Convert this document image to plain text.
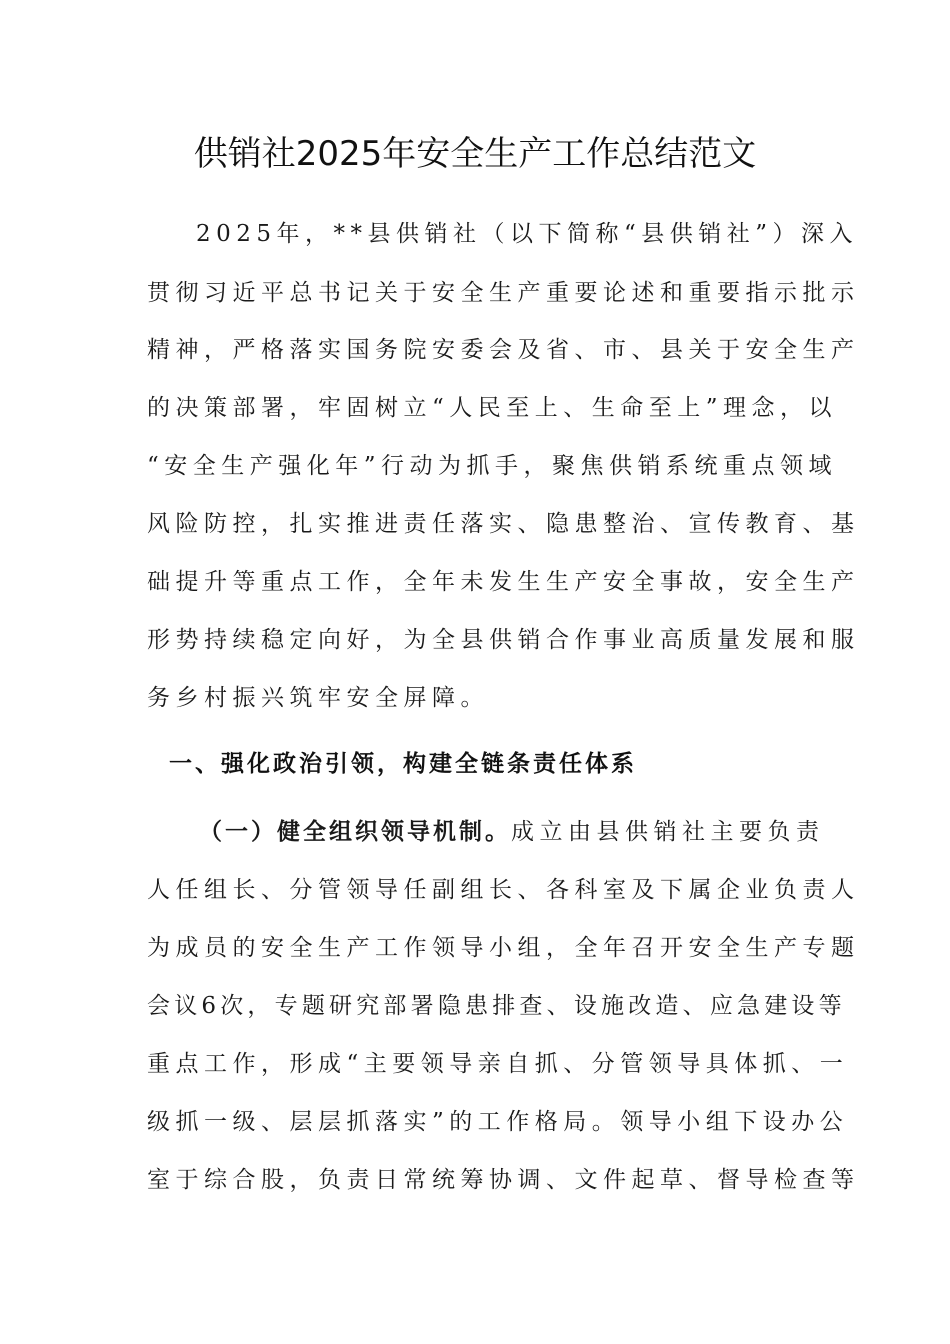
供销社2025年安全生产工作总结范文
2025年，**县供销社（以下简称“县供销社”）深入
贯彻习近平总书记关于安全生产重要论述和重要指示批示
精神，严格落实国务院安委会及省、市、县关于安全生产
的决策部署，牢固树立“人民至上、生命至上”理念，以
“安全生产强化年”行动为抓手，聚焦供销系统重点领域
风险防控，扎实推进责任落实、隐患整治、宣传教育、基
础提升等重点工作，全年未发生生产安全事故，安全生产
形势持续稳定向好，为全县供销合作事业高质量发展和服
务乡村振兴筑牢安全屏障。
一、强化政治引领，构建全链条责任体系
（一）健全组织领导机制。成立由县供销社主要负责
人任组长、分管领导任副组长、各科室及下属企业负责人
为成员的安全生产工作领导小组，全年召开安全生产专题
会议6次，专题研究部署隐患排查、设施改造、应急建设等
重点工作，形成“主要领导亲自抓、分管领导具体抓、一
级抓一级、层层抓落实”的工作格局。领导小组下设办公
室于综合股，负责日常统筹协调、文件起草、督导检查等
